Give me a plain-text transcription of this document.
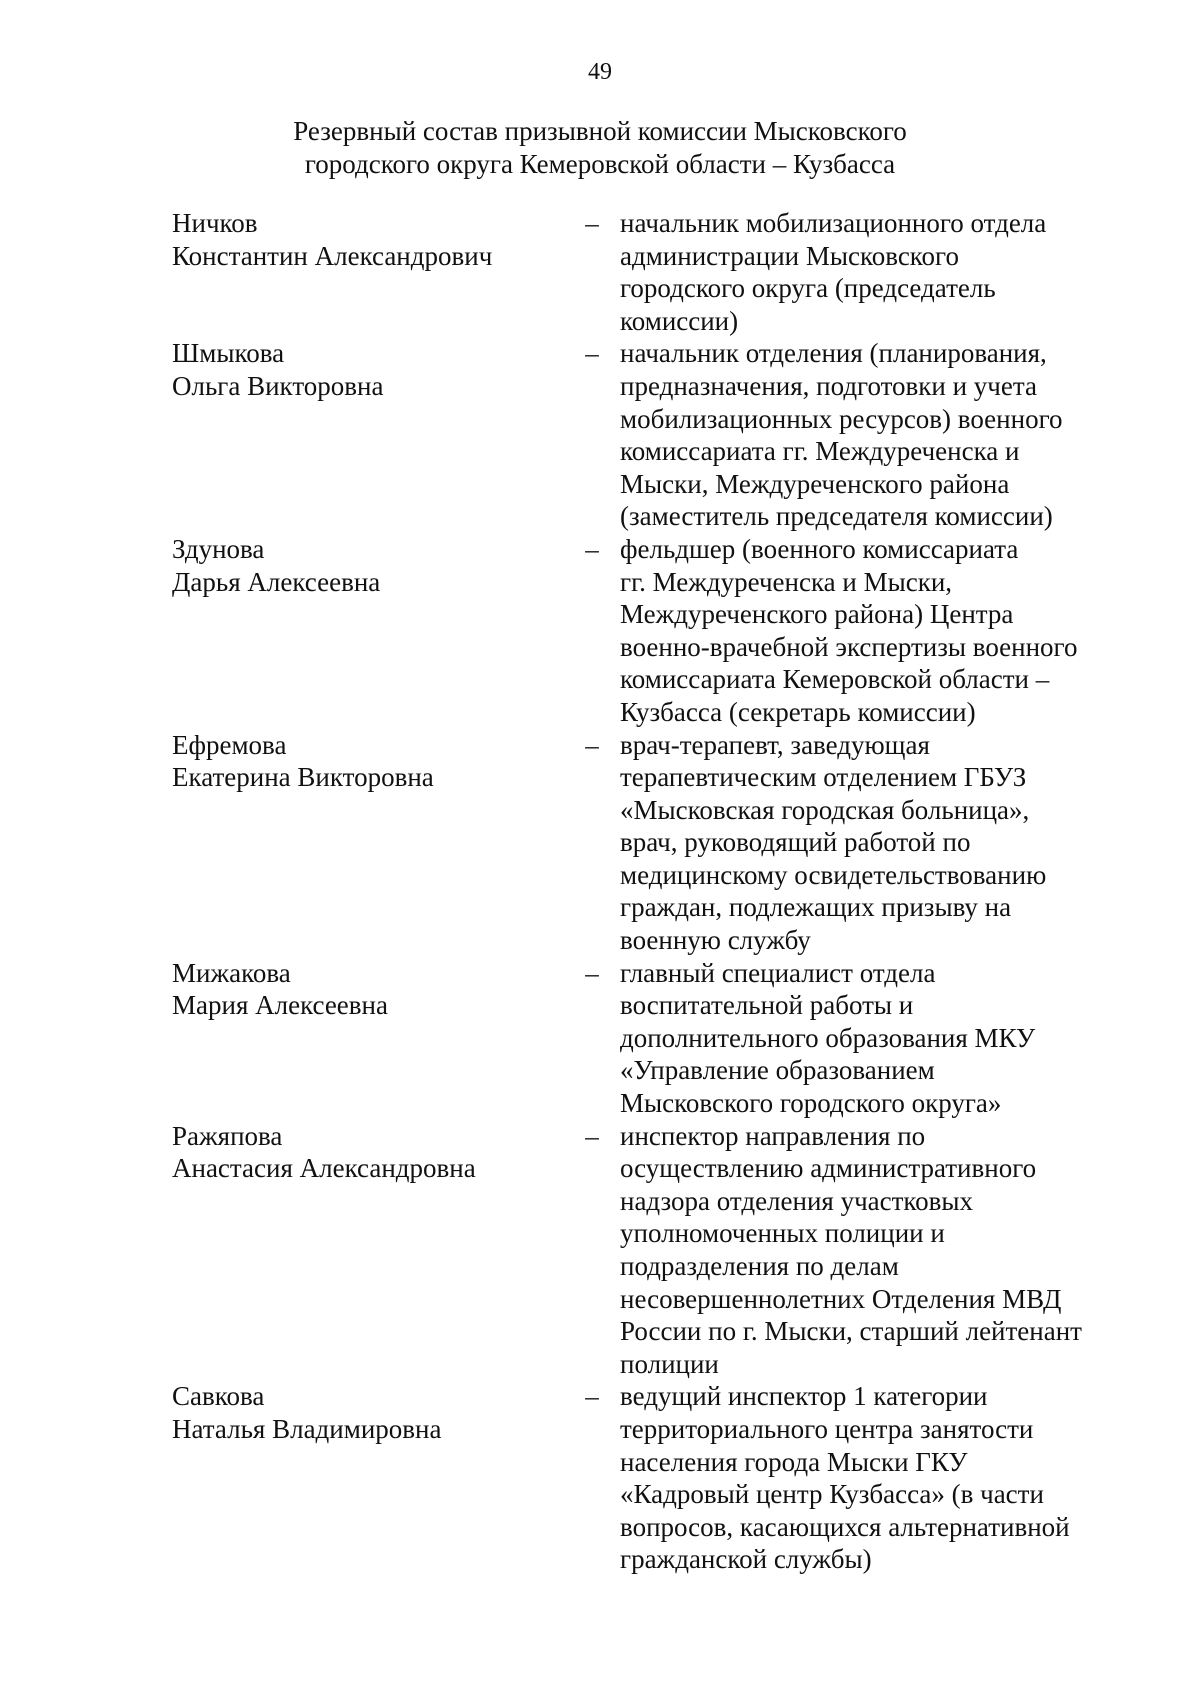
49
Резервный состав призывной комиссии Мысковского
городского округа Кемеровской области – Кузбасса
Ничков
Константин Александрович
– начальник мобилизационного отдела
администрации Мысковского
городского округа (председатель
комиссии)
Шмыкова
Ольга Викторовна
– начальник отделения (планирования,
предназначения, подготовки и учета
мобилизационных ресурсов) военного
комиссариата гг. Междуреченска и
Мыски, Междуреченского района
(заместитель председателя комиссии)
Здунова
Дарья Алексеевна
– фельдшер (военного комиссариата
гг. Междуреченска и Мыски,
Междуреченского района) Центра
военно-врачебной экспертизы военного
комиссариата Кемеровской области –
Кузбасса (секретарь комиссии)
Ефремова
Екатерина Викторовна
– врач-терапевт, заведующая
терапевтическим отделением ГБУЗ
«Мысковская городская больница»,
врач, руководящий работой по
медицинскому освидетельствованию
граждан, подлежащих призыву на
военную службу
Мижакова
Мария Алексеевна
– главный специалист отдела
воспитательной работы и
дополнительного образования МКУ
«Управление образованием
Мысковского городского округа»
Ражяпова
Анастасия Александровна
– инспектор направления по
осуществлению административного
надзора отделения участковых
уполномоченных полиции и
подразделения по делам
несовершеннолетних Отделения МВД
России по г. Мыски, старший лейтенант
полиции
Савкова
Наталья Владимировна
– ведущий инспектор 1 категории
территориального центра занятости
населения города Мыски ГКУ
«Кадровый центр Кузбасса» (в части
вопросов, касающихся альтернативной
гражданской службы)
